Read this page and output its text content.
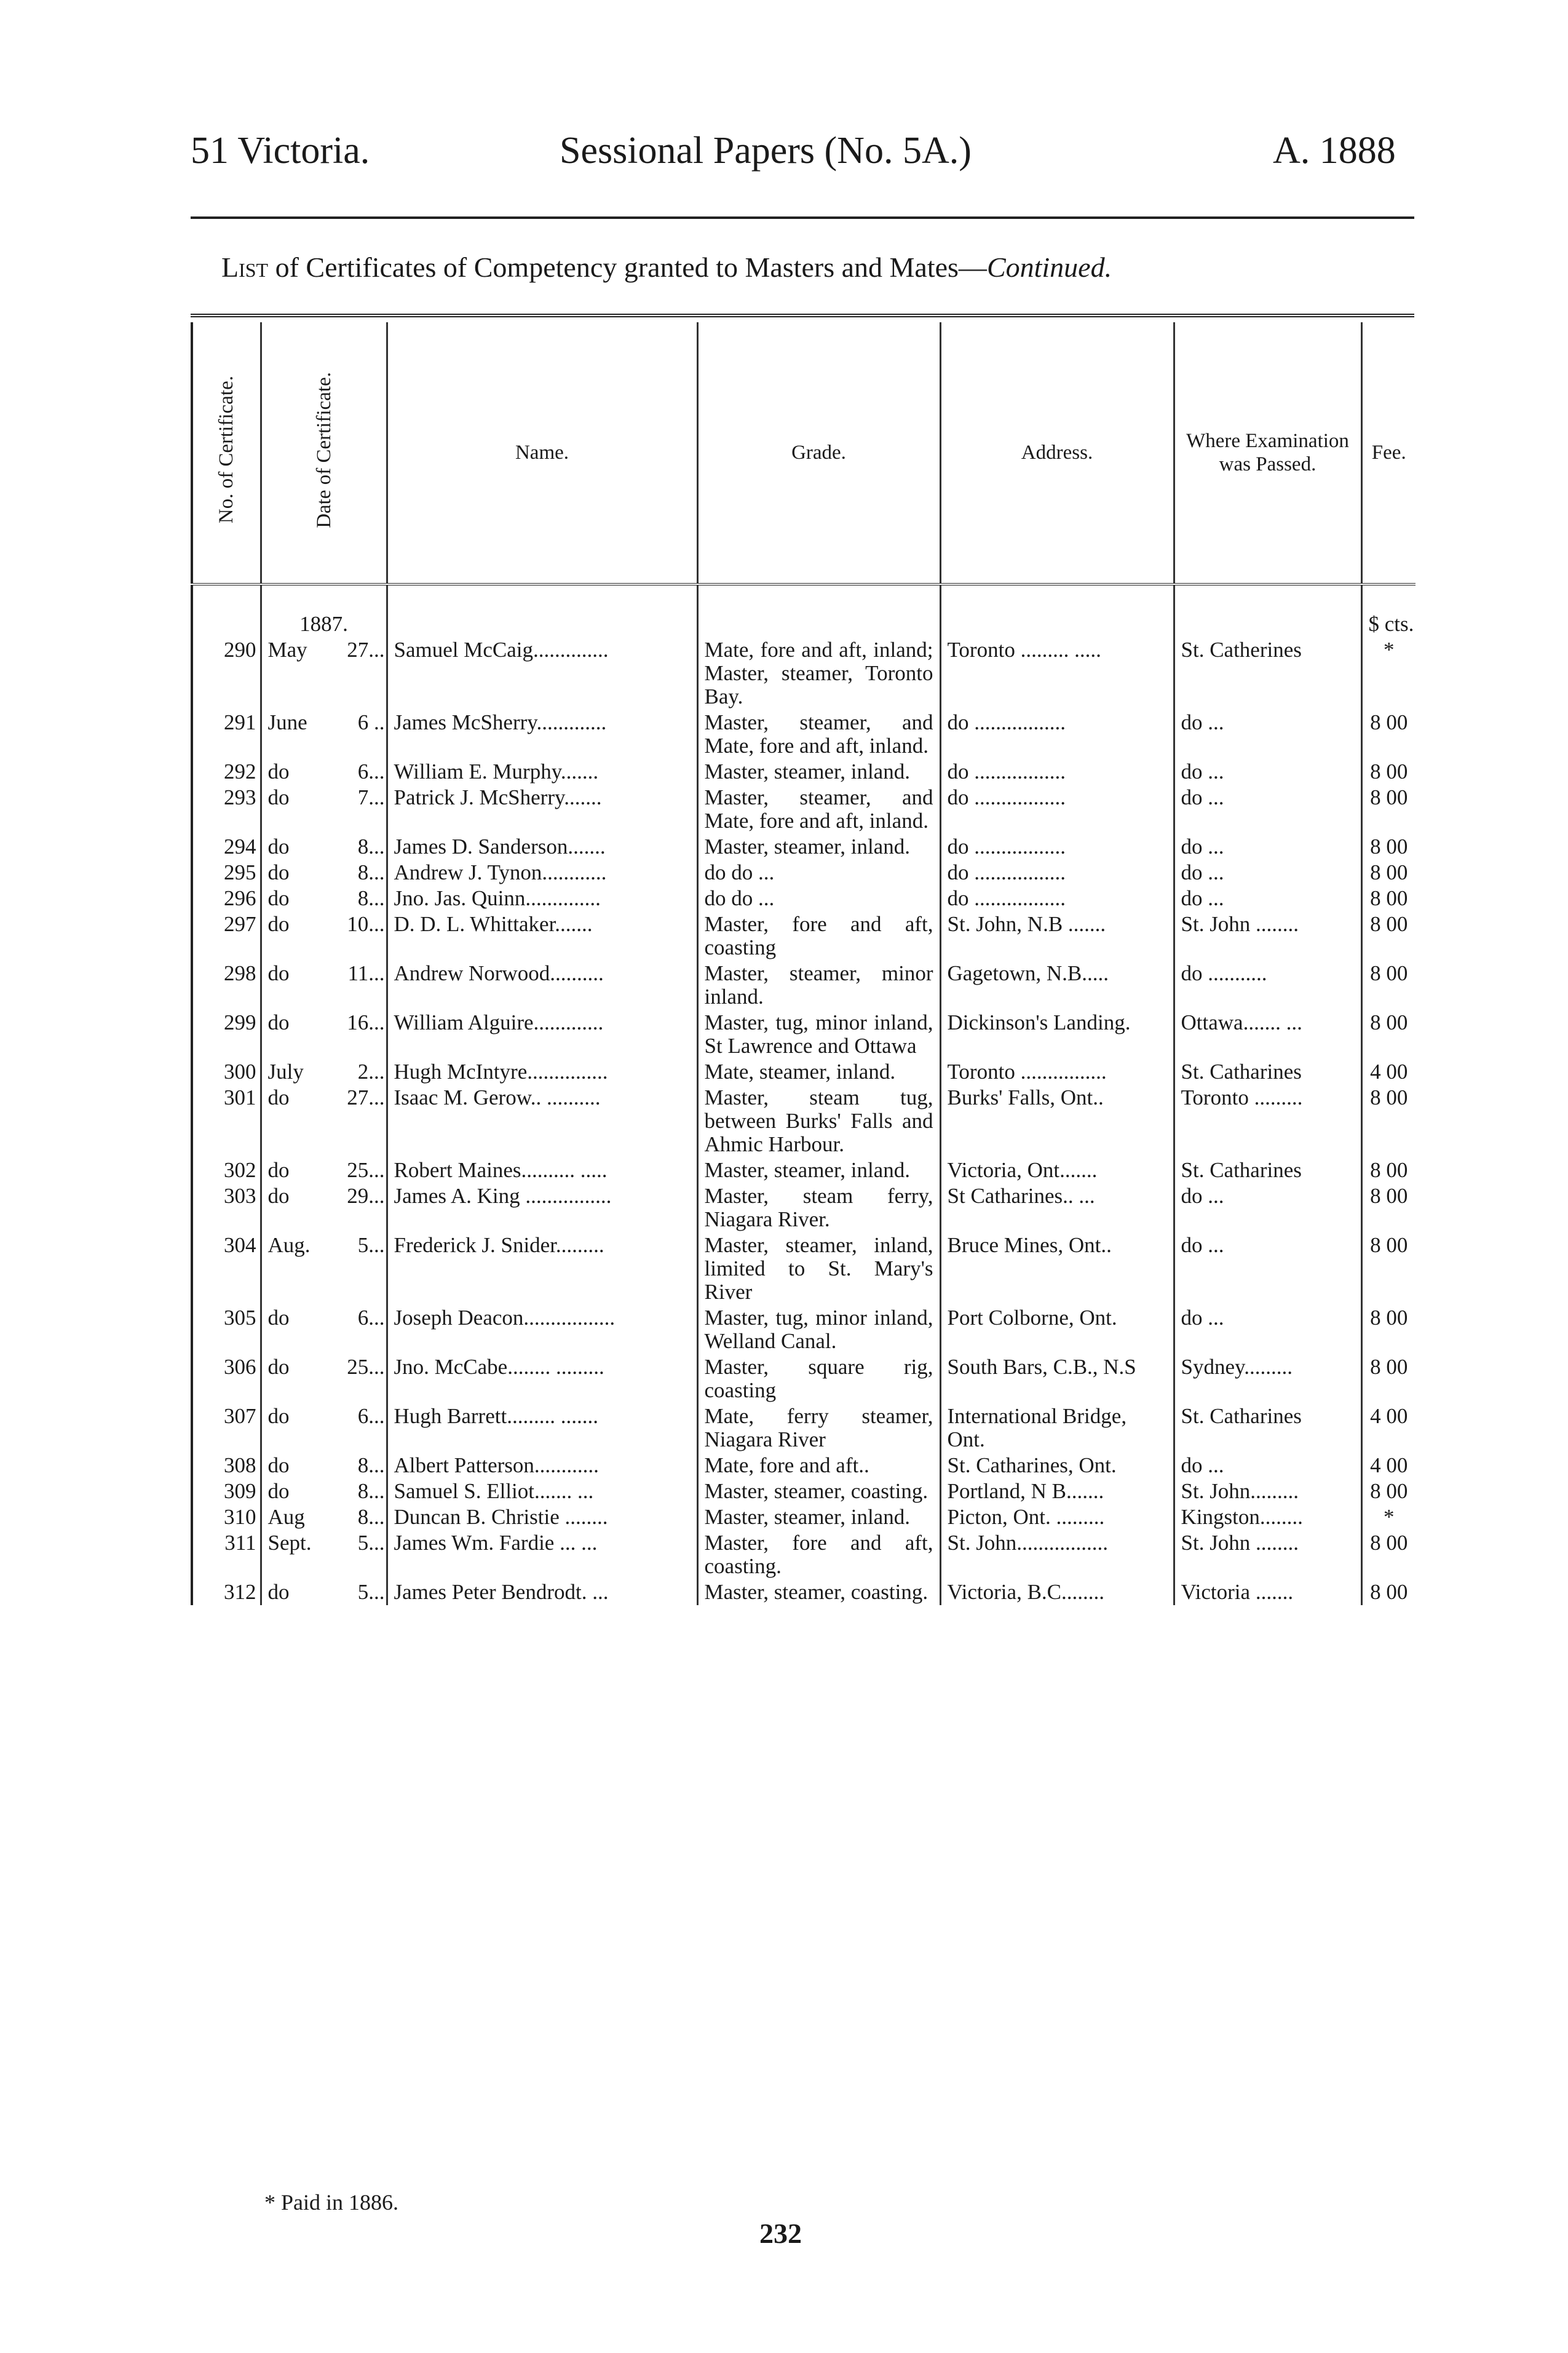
51 Victoria.	Sessional Papers (No. 5A.)	A. 1888
List of Certificates of Competency granted to Masters and Mates—Continued.
No. of Certificate.	Date of Certificate.	Name.	Grade.	Address.	Where Examination was Passed.	Fee.
	1887.					$ cts.
290	May 27...	Samuel McCaig..............	Mate, fore and aft, inland; Master, steamer, Toronto Bay.	Toronto ......... .....	St. Catherines	*
291	June 6 ..	James McSherry.............	Master, steamer, and Mate, fore and aft, inland.	do .................	do ...	8 00
292	do 6...	William E. Murphy.......	Master, steamer, inland.	do .................	do ...	8 00
293	do 7...	Patrick J. McSherry.......	Master, steamer, and Mate, fore and aft, inland.	do .................	do ...	8 00
294	do 8...	James D. Sanderson.......	Master, steamer, inland.	do .................	do ...	8 00
295	do 8...	Andrew J. Tynon............	do do ...	do .................	do ...	8 00
296	do 8...	Jno. Jas. Quinn..............	do do ...	do .................	do ...	8 00
297	do 10...	D. D. L. Whittaker.......	Master, fore and aft, coasting	St. John, N.B .......	St. John ........	8 00
298	do 11...	Andrew Norwood..........	Master, steamer, minor inland.	Gagetown, N.B.....	do ...........	8 00
299	do 16...	William Alguire.............	Master, tug, minor inland, St Lawrence and Ottawa	Dickinson's Landing.	Ottawa....... ...	8 00
300	July 2...	Hugh McIntyre...............	Mate, steamer, inland.	Toronto ................	St. Catharines	4 00
301	do 27...	Isaac M. Gerow.. ..........	Master, steam tug, between Burks' Falls and Ahmic Harbour.	Burks' Falls, Ont..	Toronto .........	8 00
302	do 25...	Robert Maines.......... .....	Master, steamer, inland.	Victoria, Ont.......	St. Catharines	8 00
303	do 29...	James A. King ................	Master, steam ferry, Niagara River.	St Catharines.. ...	do ...	8 00
304	Aug. 5...	Frederick J. Snider.........	Master, steamer, inland, limited to St. Mary's River	Bruce Mines, Ont..	do ...	8 00
305	do 6...	Joseph Deacon.................	Master, tug, minor inland, Welland Canal.	Port Colborne, Ont.	do ...	8 00
306	do 25...	Jno. McCabe........ .........	Master, square rig, coasting	South Bars, C.B., N.S	Sydney.........	8 00
307	do 6...	Hugh Barrett......... .......	Mate, ferry steamer, Niagara River	International Bridge, Ont.	St. Catharines	4 00
308	do 8...	Albert Patterson............	Mate, fore and aft..	St. Catharines, Ont.	do ...	4 00
309	do 8...	Samuel S. Elliot....... ...	Master, steamer, coasting.	Portland, N B.......	St. John.........	8 00
310	Aug 8...	Duncan B. Christie ........	Master, steamer, inland.	Picton, Ont. .........	Kingston........	*
311	Sept. 5...	James Wm. Fardie ... ...	Master, fore and aft, coasting.	St. John.................	St. John ........	8 00
312	do 5...	James Peter Bendrodt. ...	Master, steamer, coasting.	Victoria, B.C........	Victoria .......	8 00
* Paid in 1886.
232
